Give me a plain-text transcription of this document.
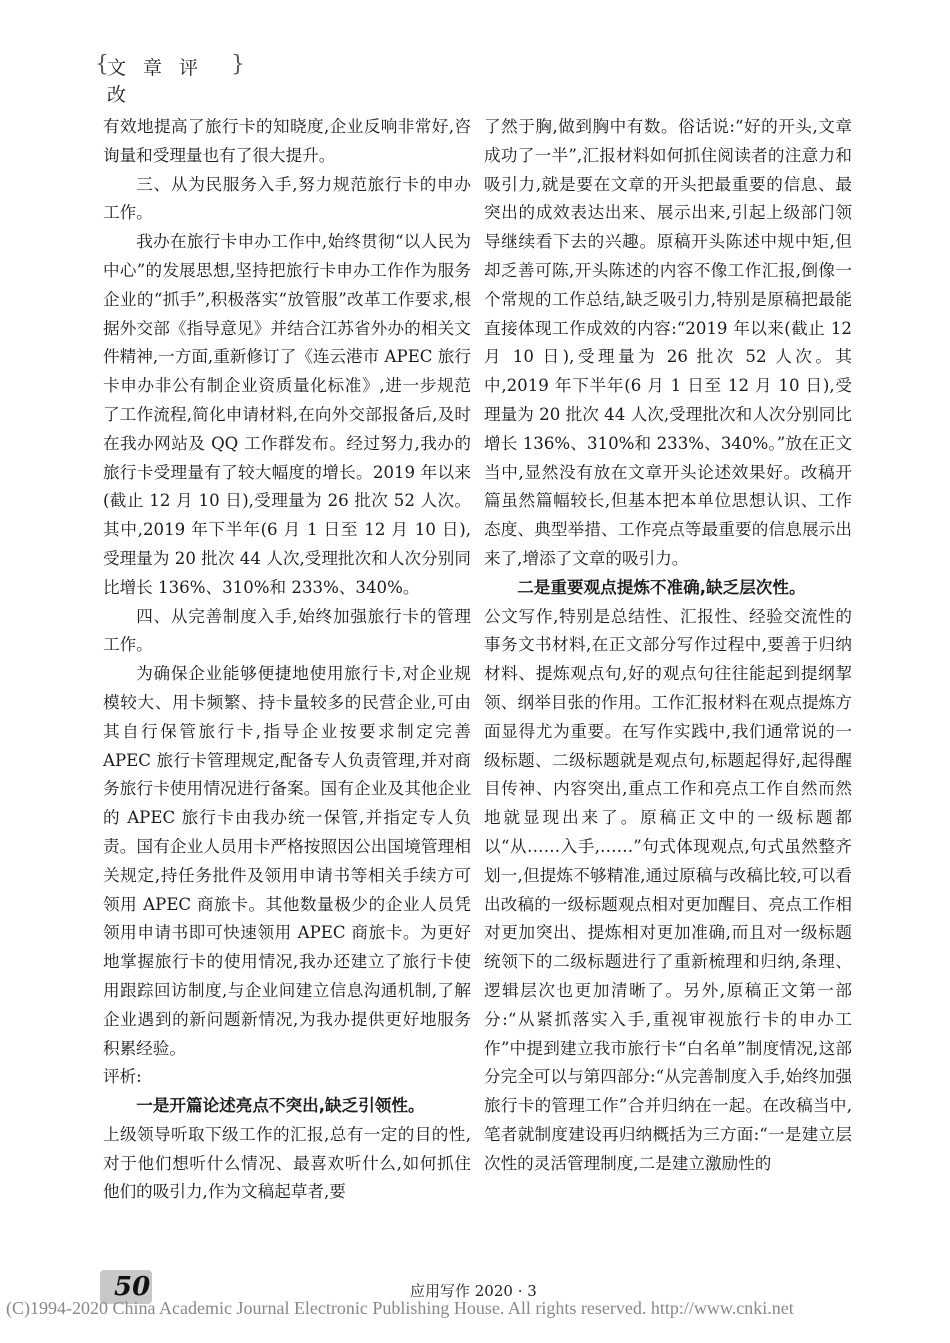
{
文章评改
}

有效地提高了旅行卡的知晓度,企业反响非常好,咨询量和受理量也有了很大提升。

三、从为民服务入手,努力规范旅行卡的申办工作。

我办在旅行卡申办工作中,始终贯彻“以人民为中心”的发展思想,坚持把旅行卡申办工作作为服务企业的“抓手”,积极落实“放管服”改革工作要求,根据外交部《指导意见》并结合江苏省外办的相关文件精神,一方面,重新修订了《连云港市 APEC 旅行卡申办非公有制企业资质量化标准》,进一步规范了工作流程,简化申请材料,在向外交部报备后,及时在我办网站及 QQ 工作群发布。经过努力,我办的旅行卡受理量有了较大幅度的增长。2019 年以来(截止 12 月 10 日),受理量为 26 批次 52 人次。其中,2019 年下半年(6 月 1 日至 12 月 10 日),受理量为 20 批次 44 人次,受理批次和人次分别同比增长 136%、310%和 233%、340%。

四、从完善制度入手,始终加强旅行卡的管理工作。

为确保企业能够便捷地使用旅行卡,对企业规模较大、用卡频繁、持卡量较多的民营企业,可由其自行保管旅行卡,指导企业按要求制定完善 APEC 旅行卡管理规定,配备专人负责管理,并对商务旅行卡使用情况进行备案。国有企业及其他企业的 APEC 旅行卡由我办统一保管,并指定专人负责。国有企业人员用卡严格按照因公出国境管理相关规定,持任务批件及领用申请书等相关手续方可领用 APEC 商旅卡。其他数量极少的企业人员凭领用申请书即可快速领用 APEC 商旅卡。为更好地掌握旅行卡的使用情况,我办还建立了旅行卡使用跟踪回访制度,与企业间建立信息沟通机制,了解企业遇到的新问题新情况,为我办提供更好地服务积累经验。

评析:

一是开篇论述亮点不突出,缺乏引领性。

上级领导听取下级工作的汇报,总有一定的目的性,对于他们想听什么情况、最喜欢听什么,如何抓住他们的吸引力,作为文稿起草者,要

了然于胸,做到胸中有数。俗话说:“好的开头,文章成功了一半”,汇报材料如何抓住阅读者的注意力和吸引力,就是要在文章的开头把最重要的信息、最突出的成效表达出来、展示出来,引起上级部门领导继续看下去的兴趣。原稿开头陈述中规中矩,但却乏善可陈,开头陈述的内容不像工作汇报,倒像一个常规的工作总结,缺乏吸引力,特别是原稿把最能直接体现工作成效的内容:“2019 年以来(截止 12 月 10 日),受理量为 26 批次 52 人次。其中,2019 年下半年(6 月 1 日至 12 月 10 日),受理量为 20 批次 44 人次,受理批次和人次分别同比增长 136%、310%和 233%、340%。”放在正文当中,显然没有放在文章开头论述效果好。改稿开篇虽然篇幅较长,但基本把本单位思想认识、工作态度、典型举措、工作亮点等最重要的信息展示出来了,增添了文章的吸引力。

二是重要观点提炼不准确,缺乏层次性。

公文写作,特别是总结性、汇报性、经验交流性的事务文书材料,在正文部分写作过程中,要善于归纳材料、提炼观点句,好的观点句往往能起到提纲挈领、纲举目张的作用。工作汇报材料在观点提炼方面显得尤为重要。在写作实践中,我们通常说的一级标题、二级标题就是观点句,标题起得好,起得醒目传神、内容突出,重点工作和亮点工作自然而然地就显现出来了。原稿正文中的一级标题都以“从……入手,……”句式体现观点,句式虽然整齐划一,但提炼不够精准,通过原稿与改稿比较,可以看出改稿的一级标题观点相对更加醒目、亮点工作相对更加突出、提炼相对更加准确,而且对一级标题统领下的二级标题进行了重新梳理和归纳,条理、逻辑层次也更加清晰了。另外,原稿正文第一部分:“从紧抓落实入手,重视审视旅行卡的申办工作”中提到建立我市旅行卡“白名单”制度情况,这部分完全可以与第四部分:“从完善制度入手,始终加强旅行卡的管理工作”合并归纳在一起。在改稿当中,笔者就制度建设再归纳概括为三方面:“一是建立层次性的灵活管理制度,二是建立激励性的

50	应用写作 2020 · 3
(C)1994-2020 China Academic Journal Electronic Publishing House. All rights reserved. http://www.cnki.net
